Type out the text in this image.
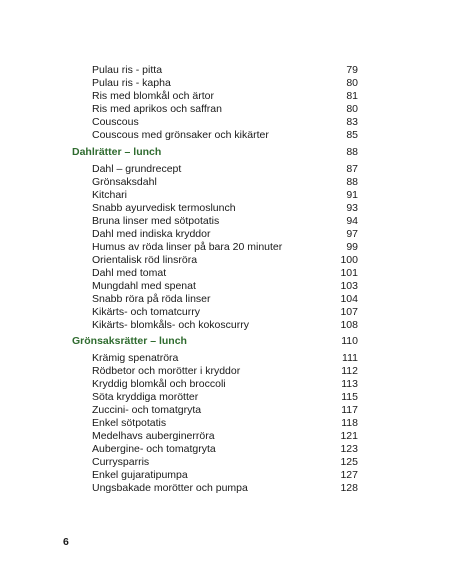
Pulau ris - pitta	79
Pulau ris - kapha	80
Ris med blomkål och ärtor	81
Ris med aprikos och saffran	80
Couscous	83
Couscous med grönsaker och kikärter	85
Dahlrätter – lunch	88
Dahl – grundrecept	87
Grönsaksdahl	88
Kitchari	91
Snabb ayurvedisk termoslunch	93
Bruna linser med sötpotatis	94
Dahl med indiska kryddor	97
Humus av röda linser på bara 20 minuter	99
Orientalisk röd linsröra	100
Dahl med tomat	101
Mungdahl med spenat	103
Snabb röra på röda linser	104
Kikärts- och tomatcurry	107
Kikärts- blomkåls- och kokoscurry	108
Grönsaksrätter – lunch	110
Krämig spenatröra	111
Rödbetor och morötter i kryddor	112
Kryddig blomkål och broccoli	113
Söta kryddiga morötter	115
Zuccini- och tomatgryta	117
Enkel sötpotatis	118
Medelhavs auberginerröra	121
Aubergine- och tomatgryta	123
Currysparris	125
Enkel gujaratipumpa	127
Ungsbakade morötter och pumpa	128
6
